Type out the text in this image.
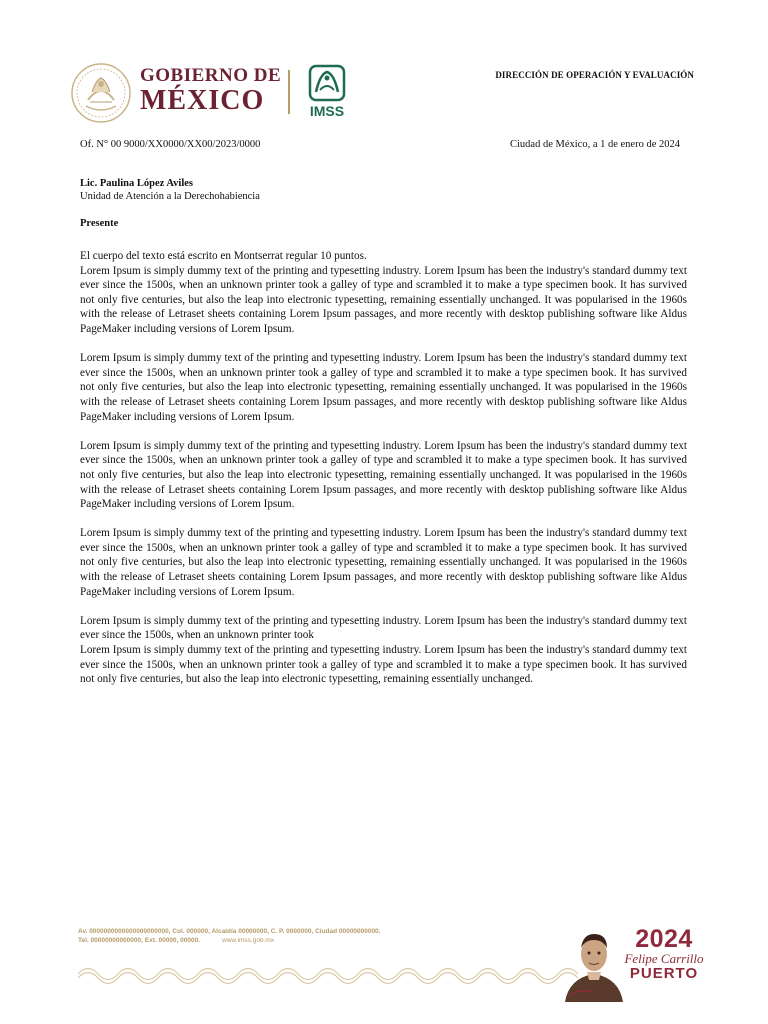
GOBIERNO DE
MÉXICO	IMSS
DIRECCIÓN DE OPERACIÓN Y EVALUACIÓN
Of. N° 00 9000/XX0000/XX00/2023/0000	Ciudad de México, a 1 de enero de 2024
Lic. Paulina López Aviles
Unidad de Atención a la Derechohabiencia
Presente

El cuerpo del texto está escrito en Montserrat regular 10 puntos.

Lorem Ipsum is simply dummy text of the printing and typesetting industry. Lorem Ipsum has been the industry's standard dummy text ever since the 1500s, when an unknown printer took a galley of type and scrambled it to make a type specimen book. It has survived not only five centuries, but also the leap into electronic typesetting, remaining essentially unchanged. It was popularised in the 1960s with the release of Letraset sheets containing Lorem Ipsum passages, and more recently with desktop publishing software like Aldus PageMaker including versions of Lorem Ipsum.

Lorem Ipsum is simply dummy text of the printing and typesetting industry. Lorem Ipsum has been the industry's standard dummy text ever since the 1500s, when an unknown printer took a galley of type and scrambled it to make a type specimen book. It has survived not only five centuries, but also the leap into electronic typesetting, remaining essentially unchanged. It was popularised in the 1960s with the release of Letraset sheets containing Lorem Ipsum passages, and more recently with desktop publishing software like Aldus PageMaker including versions of Lorem Ipsum.

Lorem Ipsum is simply dummy text of the printing and typesetting industry. Lorem Ipsum has been the industry's standard dummy text ever since the 1500s, when an unknown printer took a galley of type and scrambled it to make a type specimen book. It has survived not only five centuries, but also the leap into electronic typesetting, remaining essentially unchanged. It was popularised in the 1960s with the release of Letraset sheets containing Lorem Ipsum passages, and more recently with desktop publishing software like Aldus PageMaker including versions of Lorem Ipsum.

Lorem Ipsum is simply dummy text of the printing and typesetting industry. Lorem Ipsum has been the industry's standard dummy text ever since the 1500s, when an unknown printer took a galley of type and scrambled it to make a type specimen book. It has survived not only five centuries, but also the leap into electronic typesetting, remaining essentially unchanged. It was popularised in the 1960s with the release of Letraset sheets containing Lorem Ipsum passages, and more recently with desktop publishing software like Aldus PageMaker including versions of Lorem Ipsum.

Lorem Ipsum is simply dummy text of the printing and typesetting industry. Lorem Ipsum has been the industry's standard dummy text ever since the 1500s, when an unknown printer took

Lorem Ipsum is simply dummy text of the printing and typesetting industry. Lorem Ipsum has been the industry's standard dummy text ever since the 1500s, when an unknown printer took a galley of type and scrambled it to make a type specimen book. It has survived not only five centuries, but also the leap into electronic typesetting, remaining essentially unchanged.

Av. 0000000000000000000000, Col. 000000, Alcaldía 00000000, C. P. 0000000, Ciudad 00000000000.
Tel. 00000000000000, Ext. 00000, 00000.	www.imss.gob.mx	2024
Felipe Carrillo
PUERTO
